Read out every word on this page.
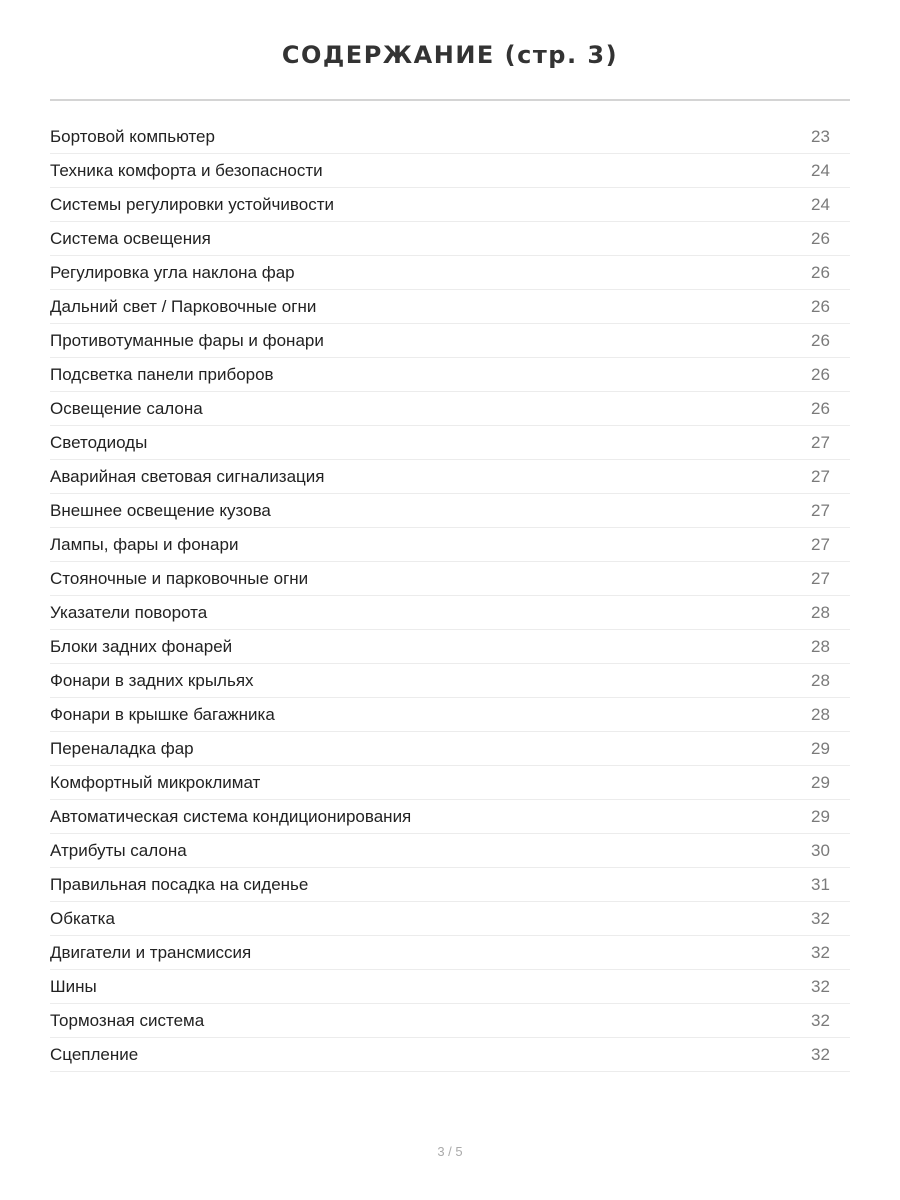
СОДЕРЖАНИЕ (стр. 3)
Бортовой компьютер	23
Техника комфорта и безопасности	24
Системы регулировки устойчивости	24
Система освещения	26
Регулировка угла наклона фар	26
Дальний свет / Парковочные огни	26
Противотуманные фары и фонари	26
Подсветка панели приборов	26
Освещение салона	26
Светодиоды	27
Аварийная световая сигнализация	27
Внешнее освещение кузова	27
Лампы, фары и фонари	27
Стояночные и парковочные огни	27
Указатели поворота	28
Блоки задних фонарей	28
Фонари в задних крыльях	28
Фонари в крышке багажника	28
Переналадка фар	29
Комфортный микроклимат	29
Автоматическая система кондиционирования	29
Атрибуты салона	30
Правильная посадка на сиденье	31
Обкатка	32
Двигатели и трансмиссия	32
Шины	32
Тормозная система	32
Сцепление	32
3 / 5
